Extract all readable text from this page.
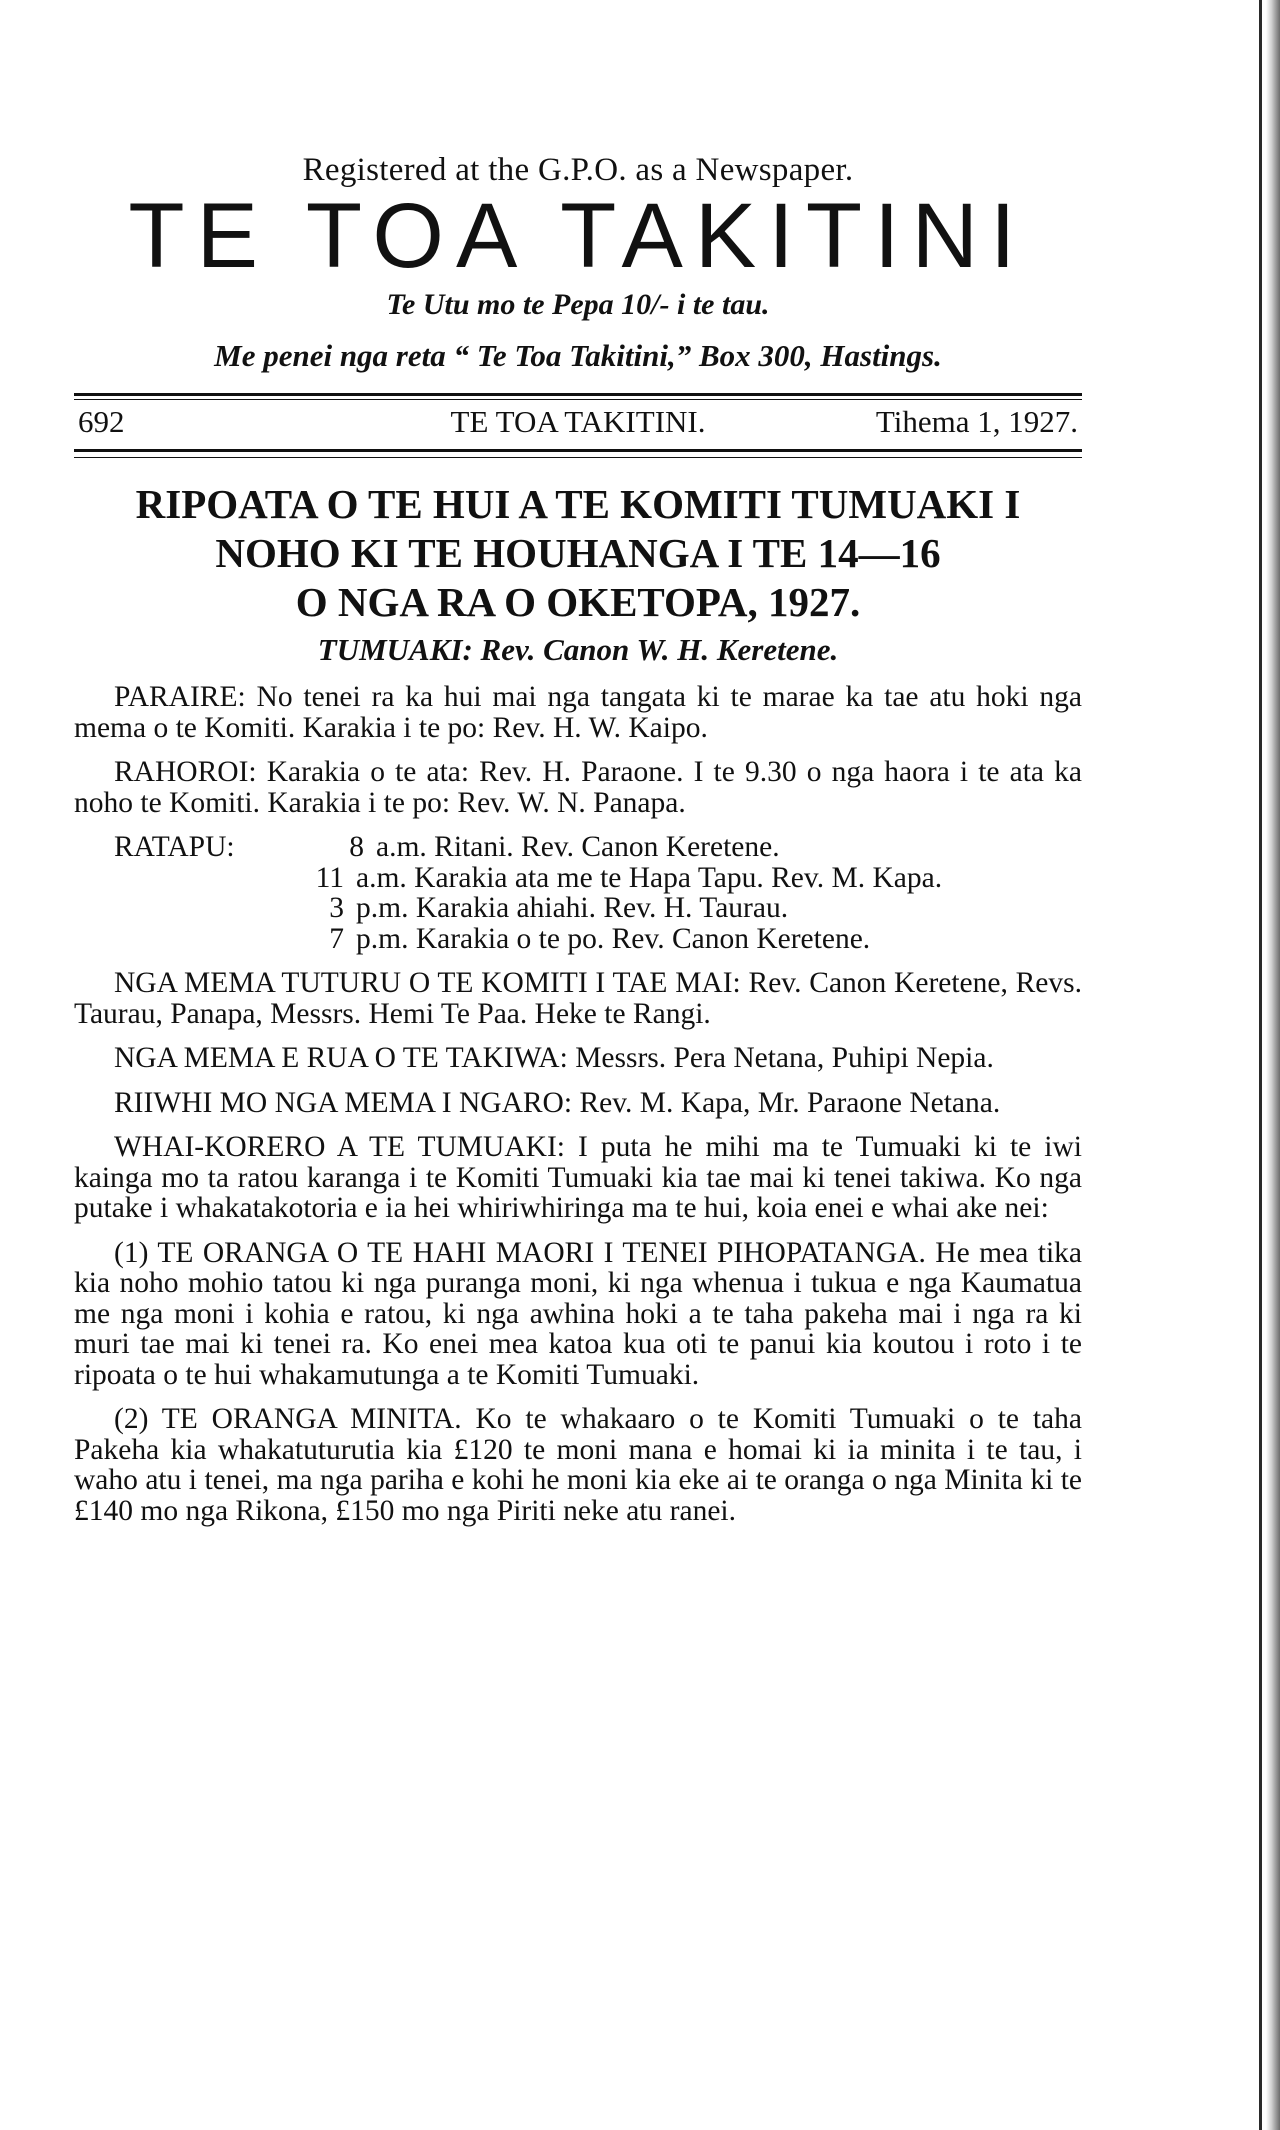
Registered at the G.P.O. as a Newspaper.
TE TOA TAKITINI
Te Utu mo te Pepa 10/- i te tau.
Me penei nga reta “ Te Toa Takitini,” Box 300, Hastings.
TE TOA TAKITINI.
692	Tihema 1, 1927.
RIPOATA O TE HUI A TE KOMITI TUMUAKI I
NOHO KI TE HOUHANGA I TE 14—16
O NGA RA O OKETOPA, 1927.
TUMUAKI: Rev. Canon W. H. Keretene.

PARAIRE: No tenei ra ka hui mai nga tangata ki te marae ka tae atu hoki nga mema o te Komiti. Karakia i te po: Rev. H. W. Kaipo.

RAHOROI: Karakia o te ata: Rev. H. Paraone. I te 9.30 o nga haora i te ata ka noho te Komiti. Karakia i te po: Rev. W. N. Panapa.

RATAPU:	8 a.m. Ritani. Rev. Canon Keretene.
11 a.m. Karakia ata me te Hapa Tapu. Rev. M. Kapa.
3 p.m. Karakia ahiahi. Rev. H. Taurau.
7 p.m. Karakia o te po. Rev. Canon Keretene.

NGA MEMA TUTURU O TE KOMITI I TAE MAI: Rev. Canon Keretene, Revs. Taurau, Panapa, Messrs. Hemi Te Paa. Heke te Rangi.

NGA MEMA E RUA O TE TAKIWA: Messrs. Pera Netana, Puhipi Nepia.

RIIWHI MO NGA MEMA I NGARO: Rev. M. Kapa, Mr. Paraone Netana.

WHAI-KORERO A TE TUMUAKI: I puta he mihi ma te Tumuaki ki te iwi kainga mo ta ratou karanga i te Komiti Tumuaki kia tae mai ki tenei takiwa. Ko nga putake i whakatakotoria e ia hei whiriwhiringa ma te hui, koia enei e whai ake nei:

(1) TE ORANGA O TE HAHI MAORI I TENEI PIHOPATANGA. He mea tika kia noho mohio tatou ki nga puranga moni, ki nga whenua i tukua e nga Kaumatua me nga moni i kohia e ratou, ki nga awhina hoki a te taha pakeha mai i nga ra ki muri tae mai ki tenei ra. Ko enei mea katoa kua oti te panui kia koutou i roto i te ripoata o te hui whakamutunga a te Komiti Tumuaki.

(2) TE ORANGA MINITA. Ko te whakaaro o te Komiti Tumuaki o te taha Pakeha kia whakatuturutia kia £120 te moni mana e homai ki ia minita i te tau, i waho atu i tenei, ma nga pariha e kohi he moni kia eke ai te oranga o nga Minita ki te £140 mo nga Rikona, £150 mo nga Piriti neke atu ranei.
